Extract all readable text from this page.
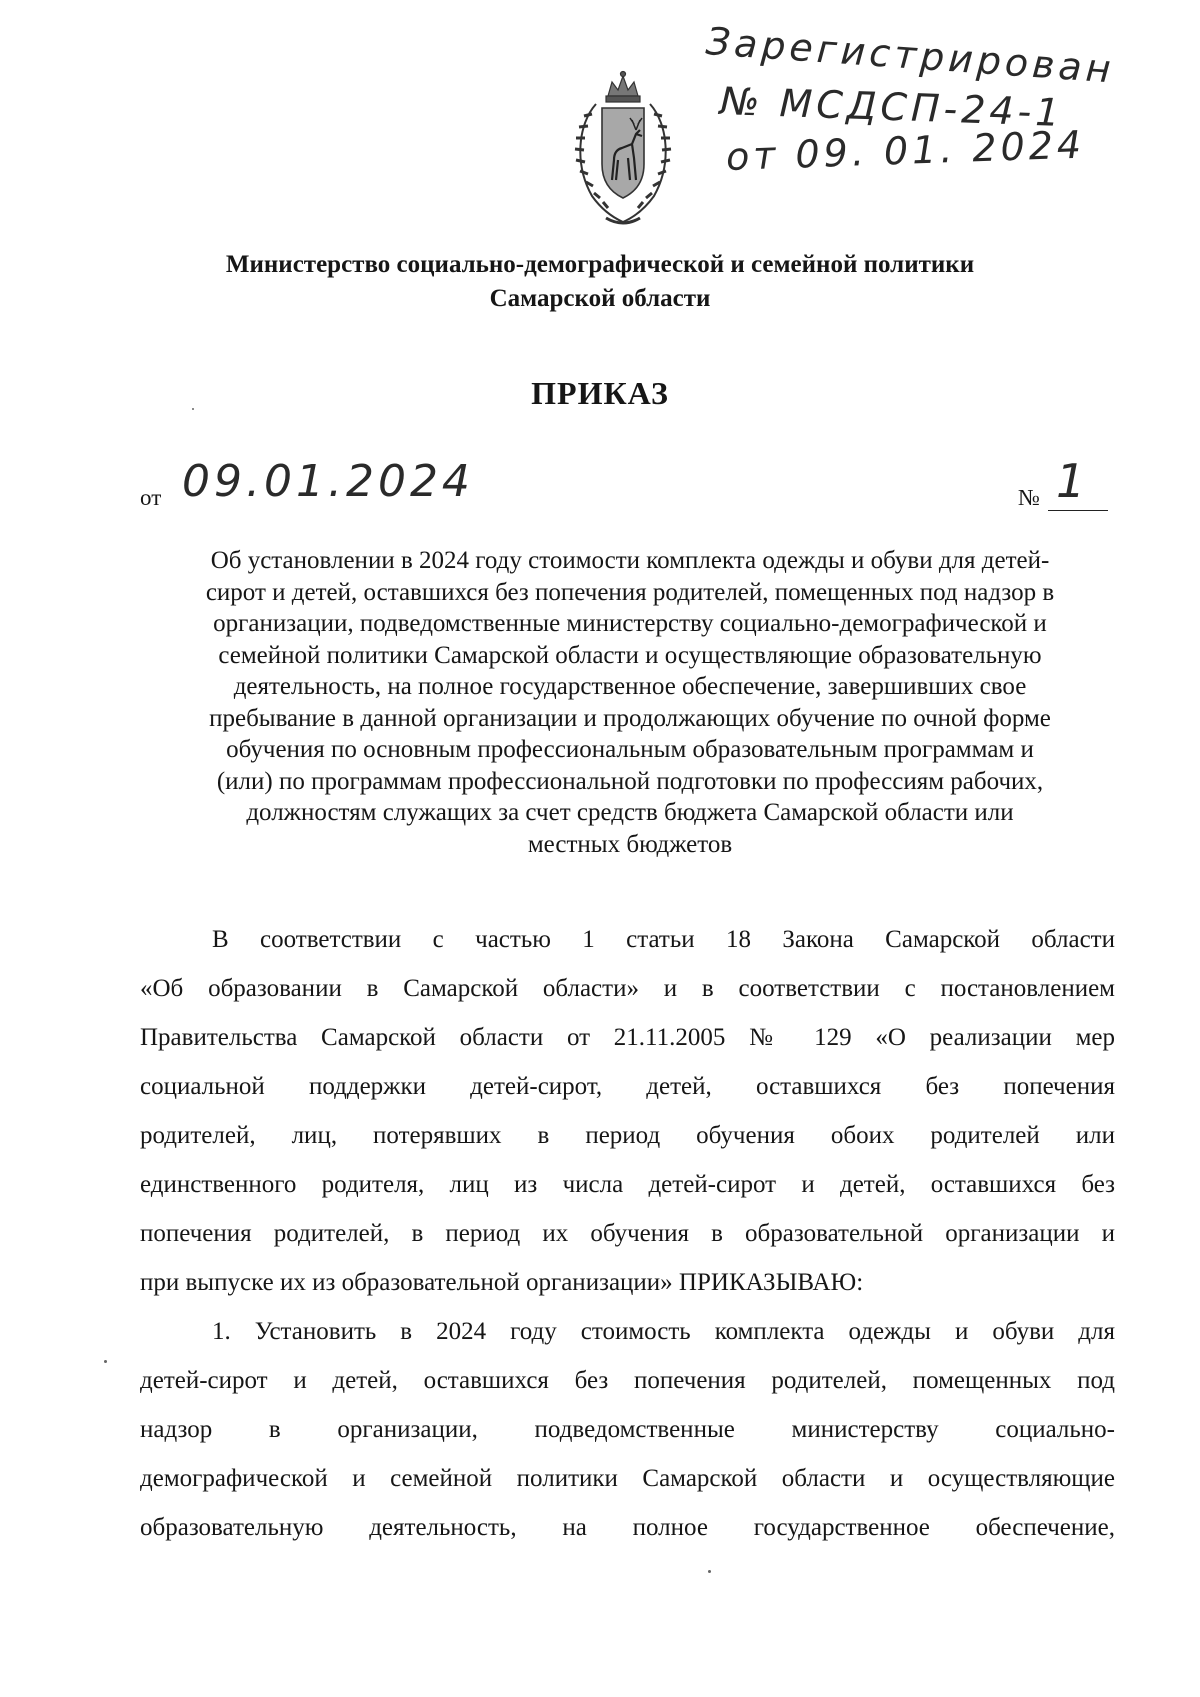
Зарегистрирован
№ МСДСП-24-1
от 09. 01. 2024
Министерство социально-демографической и семейной политики
Самарской области
ПРИКАЗ
от 09.01.2024	№ 1
Об установлении в 2024 году стоимости комплекта одежды и обуви для детей-
сирот и детей, оставшихся без попечения родителей, помещенных под надзор в
организации, подведомственные министерству социально-демографической и
семейной политики Самарской области и осуществляющие образовательную
деятельность, на полное государственное обеспечение, завершивших свое
пребывание в данной организации и продолжающих обучение по очной форме
обучения по основным профессиональным образовательным программам и
(или) по программам профессиональной подготовки по профессиям рабочих,
должностям служащих за счет средств бюджета Самарской области или
местных бюджетов
В соответствии с частью 1 статьи 18 Закона Самарской области
«Об образовании в Самарской области» и в соответствии с постановлением
Правительства Самарской области от 21.11.2005 № 129 «О реализации мер
социальной поддержки детей-сирот, детей, оставшихся без попечения
родителей, лиц, потерявших в период обучения обоих родителей или
единственного родителя, лиц из числа детей-сирот и детей, оставшихся без
попечения родителей, в период их обучения в образовательной организации и
при выпуске их из образовательной организации» ПРИКАЗЫВАЮ:
1. Установить в 2024 году стоимость комплекта одежды и обуви для
детей-сирот и детей, оставшихся без попечения родителей, помещенных под
надзор в организации, подведомственные министерству социально-
демографической и семейной политики Самарской области и осуществляющие
образовательную деятельность, на полное государственное обеспечение,
